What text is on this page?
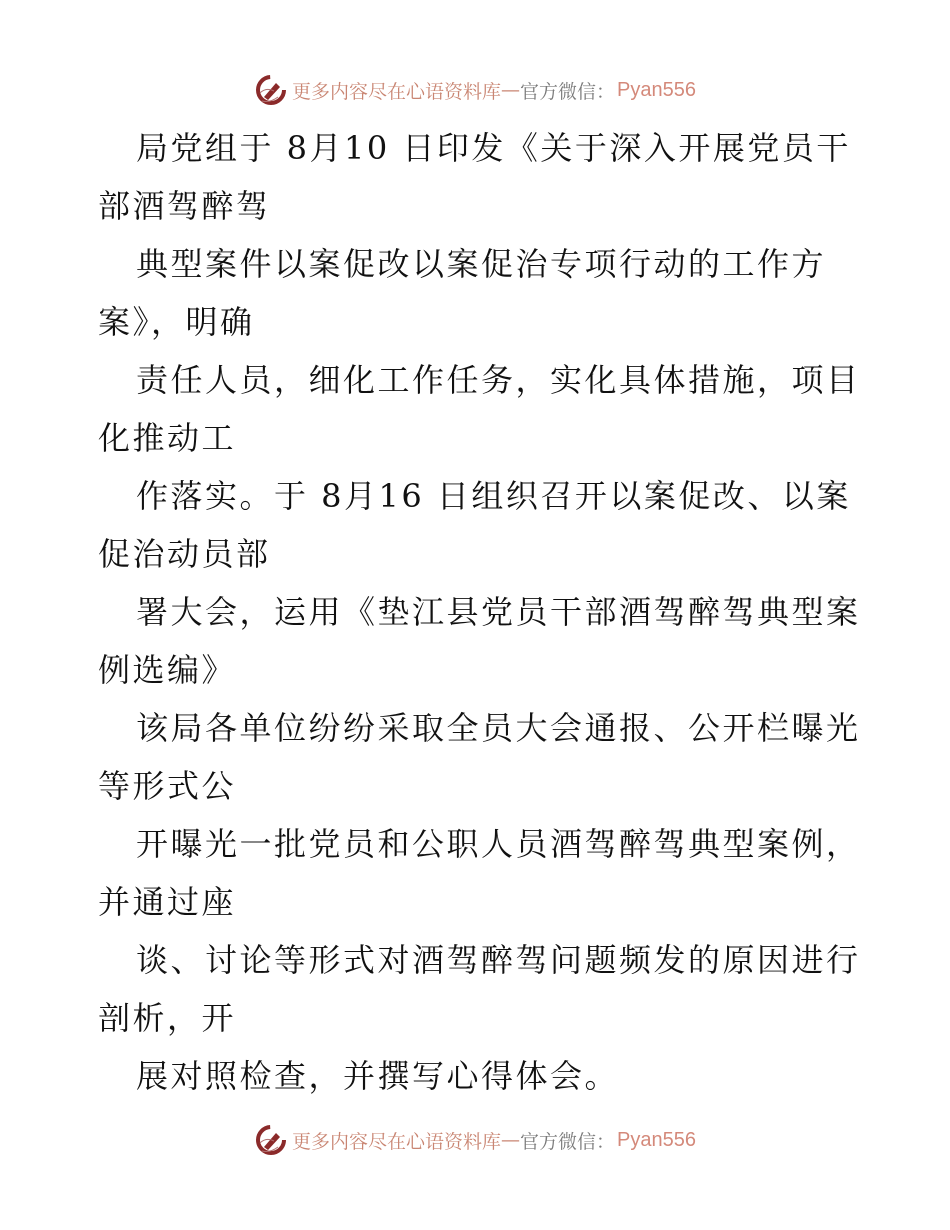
更多内容尽在心语资料库 — 官方微信： Pyan556
局党组于 8月10 日印发《关于深入开展党员干
部酒驾醉驾
典型案件以案促改以案促治专项行动的工作方
案》，明确
责任人员，细化工作任务，实化具体措施，项目
化推动工
作落实。于 8月16 日组织召开以案促改、以案
促治动员部
署大会，运用《垫江县党员干部酒驾醉驾典型案
例选编》
该局各单位纷纷采取全员大会通报、公开栏曝光
等形式公
开曝光一批党员和公职人员酒驾醉驾典型案例，
并通过座
谈、讨论等形式对酒驾醉驾问题频发的原因进行
剖析，开
展对照检查，并撰写心得体会。
更多内容尽在心语资料库 — 官方微信： Pyan556
